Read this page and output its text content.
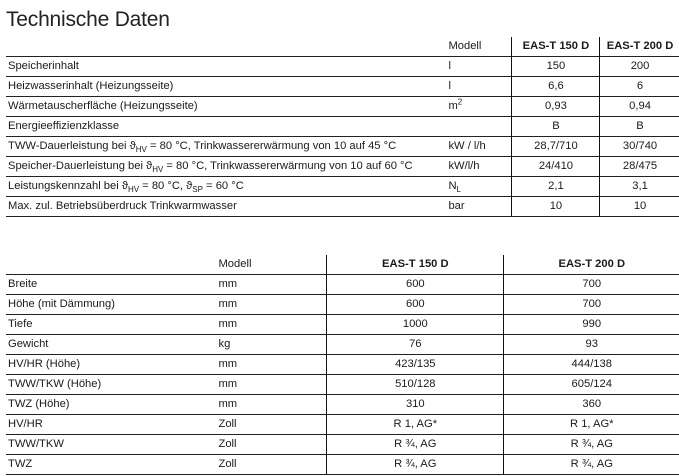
Technische Daten
	Modell	EAS-T 150 D	EAS-T 200 D
Speicherinhalt	l	150	200
Heizwasserinhalt (Heizungsseite)	l	6,6	6
Wärmetauscherfläche (Heizungsseite)	$m^2$	0,93	0,94
Energieeffizienzklasse		B	B
TWW-Dauerleistung bei $ϑ_{HV} = 80$ °C, Trinkwassererwärmung von 10 auf 45 °C	kW / l/h	28,7/710	30/740
Speicher-Dauerleistung bei $ϑ_{HV} = 80$ °C, Trinkwassererwärmung von 10 auf 60 °C	kW/l/h	24/410	28/475
Leistungskennzahl bei $ϑ_{HV} = 80$ °C, $ϑ_{SP} = 60$ °C	$N_L$	2,1	3,1
Max. zul. Betriebsüberdruck Trinkwarmwasser	bar	10	10
	Modell	EAS-T 150 D	EAS-T 200 D
Breite	mm	600	700
Höhe (mit Dämmung)	mm	600	700
Tiefe	mm	1000	990
Gewicht	kg	76	93
HV/HR (Höhe)	mm	423/135	444/138
TWW/TKW (Höhe)	mm	510/128	605/124
TWZ (Höhe)	mm	310	360
HV/HR	Zoll	R 1, AG*	R 1, AG*
TWW/TKW	Zoll	R ¾, AG	R ¾, AG
TWZ	Zoll	R ¾, AG	R ¾, AG
